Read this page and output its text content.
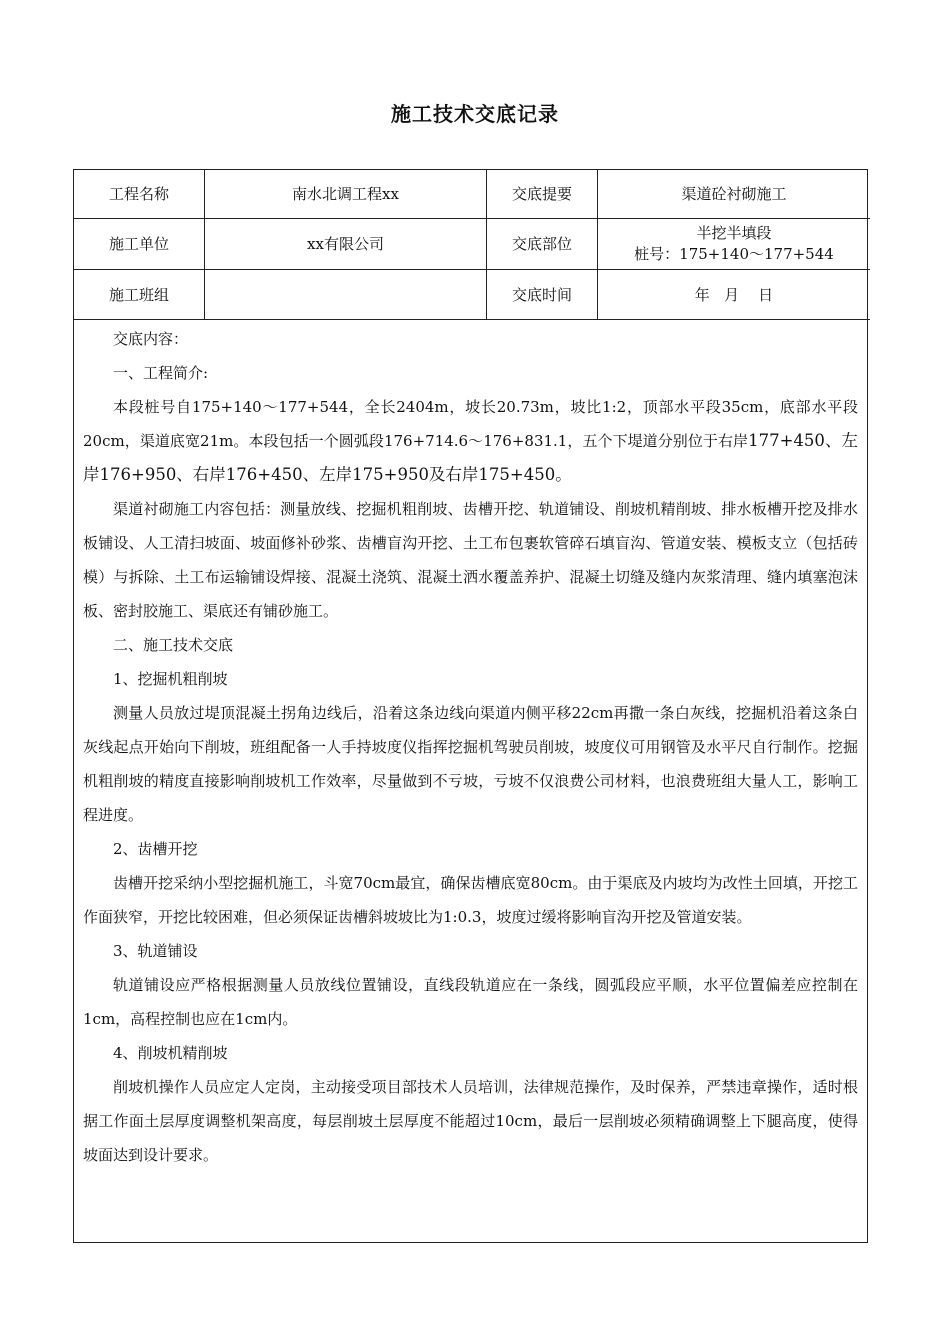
施工技术交底记录
工程名称	南水北调工程xx	交底提要	渠道砼衬砌施工
施工单位	xx有限公司	交底部位	半挖半填段
桩号：175+140～177+544

施工班组		交底时间	年   月    日

交底内容：

一、工程简介:

本段桩号自175+140～177+544，全长2404m，坡长20.73m，坡比1:2，顶部水平段35cm，底部水平段20cm，渠道底宽21m。本段包括一个圆弧段176+714.6～176+831.1，五个下堤道分别位于右岸177+450、左岸176+950、右岸176+450、左岸175+950及右岸175+450。

渠道衬砌施工内容包括：测量放线、挖掘机粗削坡、齿槽开挖、轨道铺设、削坡机精削坡、排水板槽开挖及排水板铺设、人工清扫坡面、坡面修补砂浆、齿槽盲沟开挖、土工布包裹软管碎石填盲沟、管道安装、模板支立（包括砖模）与拆除、土工布运输铺设焊接、混凝土浇筑、混凝土洒水覆盖养护、混凝土切缝及缝内灰浆清理、缝内填塞泡沫板、密封胶施工、渠底还有铺砂施工。

二、施工技术交底

1、挖掘机粗削坡

测量人员放过堤顶混凝土拐角边线后，沿着这条边线向渠道内侧平移22cm再撒一条白灰线，挖掘机沿着这条白灰线起点开始向下削坡，班组配备一人手持坡度仪指挥挖掘机驾驶员削坡，坡度仪可用钢管及水平尺自行制作。挖掘机粗削坡的精度直接影响削坡机工作效率，尽量做到不亏坡，亏坡不仅浪费公司材料，也浪费班组大量人工，影响工程进度。

2、齿槽开挖

齿槽开挖采纳小型挖掘机施工，斗宽70cm最宜，确保齿槽底宽80cm。由于渠底及内坡均为改性土回填，开挖工作面狭窄，开挖比较困难，但必须保证齿槽斜坡坡比为1:0.3，坡度过缓将影响盲沟开挖及管道安装。

3、轨道铺设

轨道铺设应严格根据测量人员放线位置铺设，直线段轨道应在一条线，圆弧段应平顺，水平位置偏差应控制在1cm，高程控制也应在1cm内。

4、削坡机精削坡

削坡机操作人员应定人定岗，主动接受项目部技术人员培训，法律规范操作，及时保养，严禁违章操作，适时根据工作面土层厚度调整机架高度，每层削坡土层厚度不能超过10cm，最后一层削坡必须精确调整上下腿高度，使得坡面达到设计要求。
